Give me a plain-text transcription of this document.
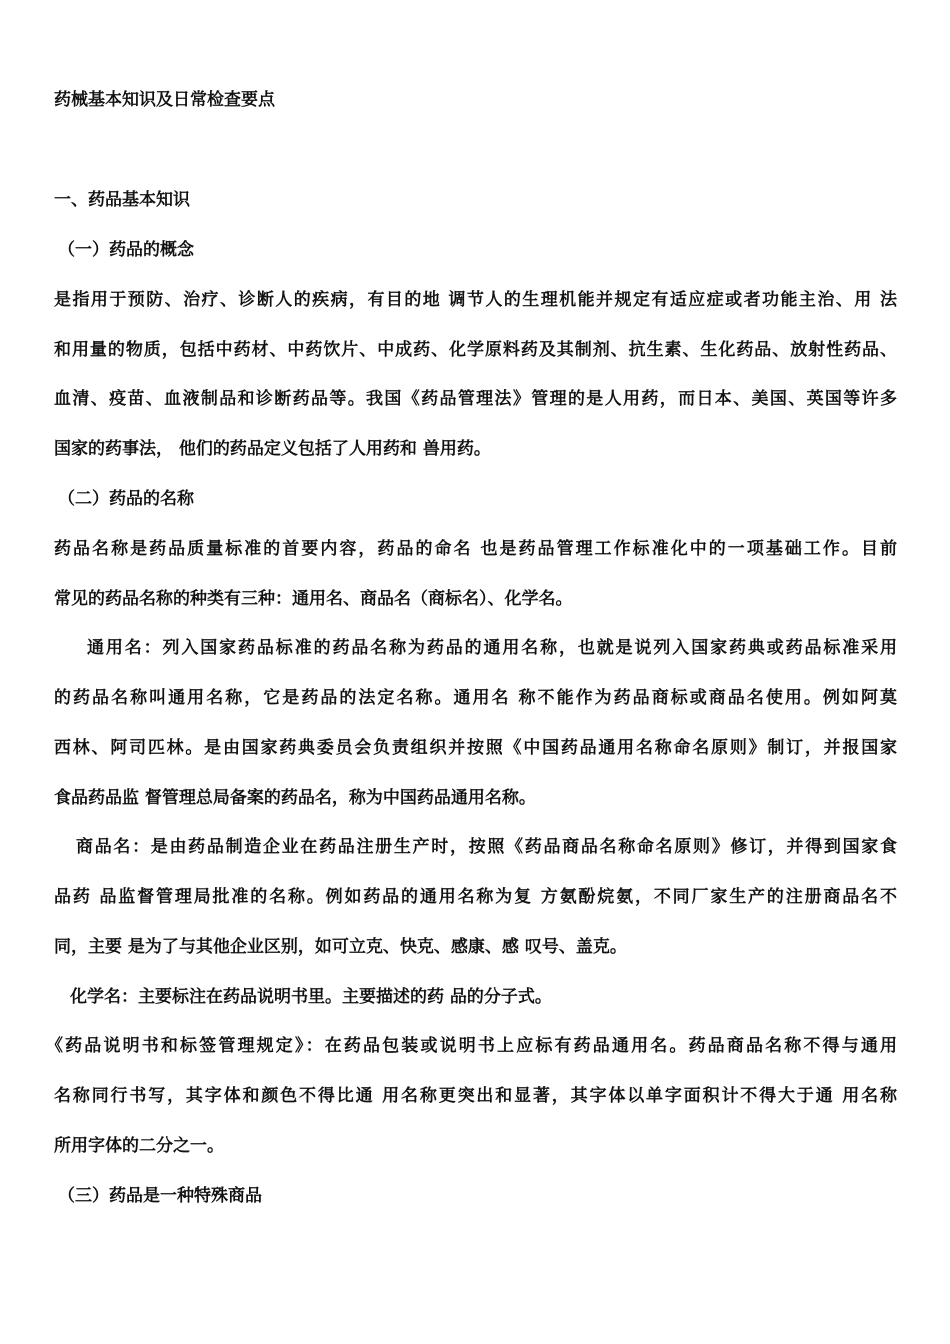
药械基本知识及日常检查要点
一、药品基本知识
（一）药品的概念
是指用于预防、治疗、诊断人的疾病，有目的地 调节人的生理机能并规定有适应症或者功能主治、用 法
和用量的物质，包括中药材、中药饮片、中成药、化学原料药及其制剂、抗生素、生化药品、放射性药品、
血清、疫苗、血液制品和诊断药品等。我国《药品管理法》管理的是人用药，而日本、美国、英国等许多
国家的药事法， 他们的药品定义包括了人用药和 兽用药。
（二）药品的名称
药品名称是药品质量标准的首要内容，药品的命名 也是药品管理工作标准化中的一项基础工作。目前
常见的药品名称的种类有三种：通用名、商品名（商标名）、化学名。
通用名：列入国家药品标准的药品名称为药品的通用名称，也就是说列入国家药典或药品标准采用
的药品名称叫通用名称，它是药品的法定名称。通用名 称不能作为药品商标或商品名使用。例如阿莫
西林、阿司匹林。是由国家药典委员会负责组织并按照《中国药品通用名称命名原则》制订，并报国家
食品药品监 督管理总局备案的药品名，称为中国药品通用名称。
商品名：是由药品制造企业在药品注册生产时，按照《药品商品名称命名原则》修订，并得到国家食
品药 品监督管理局批准的名称。例如药品的通用名称为复 方氨酚烷氨，不同厂家生产的注册商品名不
同，主要 是为了与其他企业区别，如可立克、快克、感康、感 叹号、盖克。
化学名：主要标注在药品说明书里。主要描述的药 品的分子式。
《药品说明书和标签管理规定》：在药品包装或说明书上应标有药品通用名。药品商品名称不得与通用
名称同行书写，其字体和颜色不得比通 用名称更突出和显著，其字体以单字面积计不得大于通 用名称
所用字体的二分之一。
（三）药品是一种特殊商品
